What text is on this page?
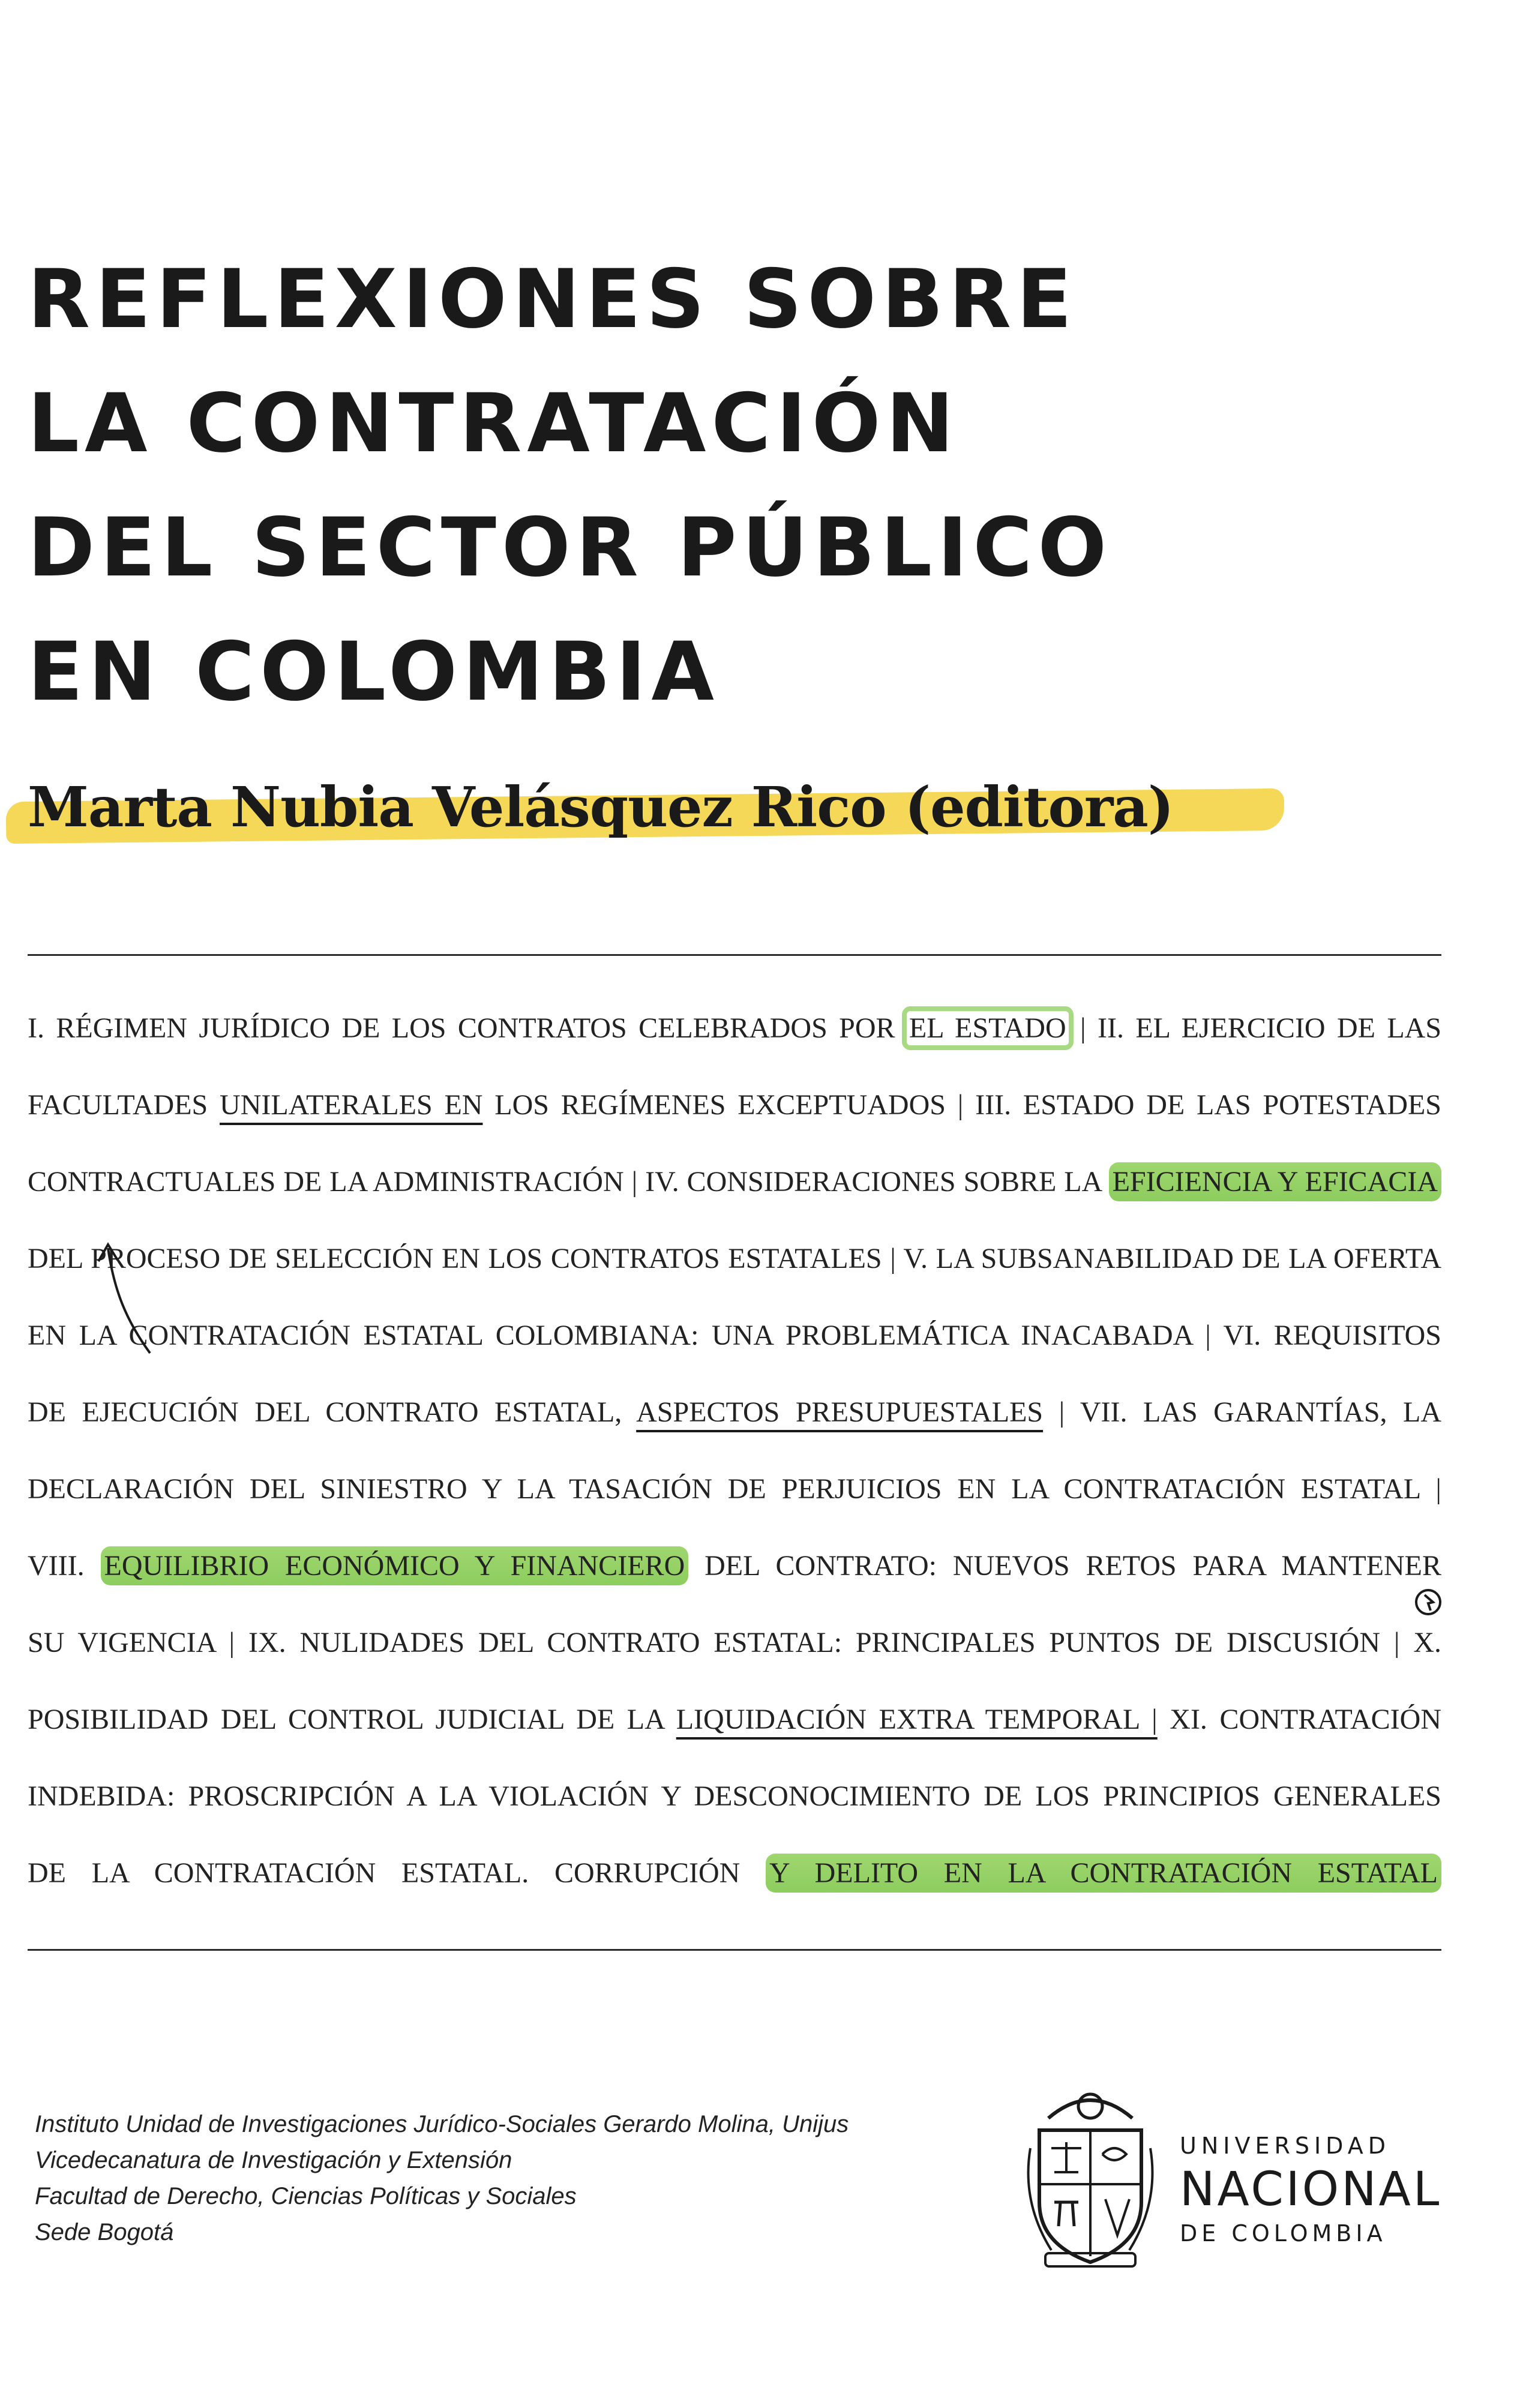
REFLEXIONES SOBRE
LA CONTRATACIÓN
DEL SECTOR PÚBLICO
EN COLOMBIA

Marta Nubia Velásquez Rico (editora)

I. RÉGIMEN JURÍDICO DE LOS CONTRATOS CELEBRADOS POR EL ESTADO | II. EL EJERCICIO DE LAS
FACULTADES UNILATERALES EN LOS REGÍMENES EXCEPTUADOS | III. ESTADO DE LAS POTESTADES
CONTRACTUALES DE LA ADMINISTRACIÓN | IV. CONSIDERACIONES SOBRE LA EFICIENCIA Y EFICACIA
DEL PROCESO DE SELECCIÓN EN LOS CONTRATOS ESTATALES | V. LA SUBSANABILIDAD DE LA OFERTA
EN LA CONTRATACIÓN ESTATAL COLOMBIANA: UNA PROBLEMÁTICA INACABADA | VI. REQUISITOS
DE EJECUCIÓN DEL CONTRATO ESTATAL, ASPECTOS PRESUPUESTALES | VII. LAS GARANTÍAS, LA
DECLARACIÓN DEL SINIESTRO Y LA TASACIÓN DE PERJUICIOS EN LA CONTRATACIÓN ESTATAL |
VIII. EQUILIBRIO ECONÓMICO Y FINANCIERO DEL CONTRATO: NUEVOS RETOS PARA MANTENER
SU VIGENCIA | IX. NULIDADES DEL CONTRATO ESTATAL: PRINCIPALES PUNTOS DE DISCUSIÓN | X.
POSIBILIDAD DEL CONTROL JUDICIAL DE LA LIQUIDACIÓN EXTRA TEMPORAL | XI. CONTRATACIÓN
INDEBIDA: PROSCRIPCIÓN A LA VIOLACIÓN Y DESCONOCIMIENTO DE LOS PRINCIPIOS GENERALES
DE LA CONTRATACIÓN ESTATAL. CORRUPCIÓN Y DELITO EN LA CONTRATACIÓN ESTATAL
Instituto Unidad de Investigaciones Jurídico-Sociales Gerardo Molina, Unijus
Vicedecanatura de Investigación y Extensión
Facultad de Derecho, Ciencias Políticas y Sociales
Sede Bogotá
UNIVERSIDAD
NACIONAL
DE COLOMBIA
